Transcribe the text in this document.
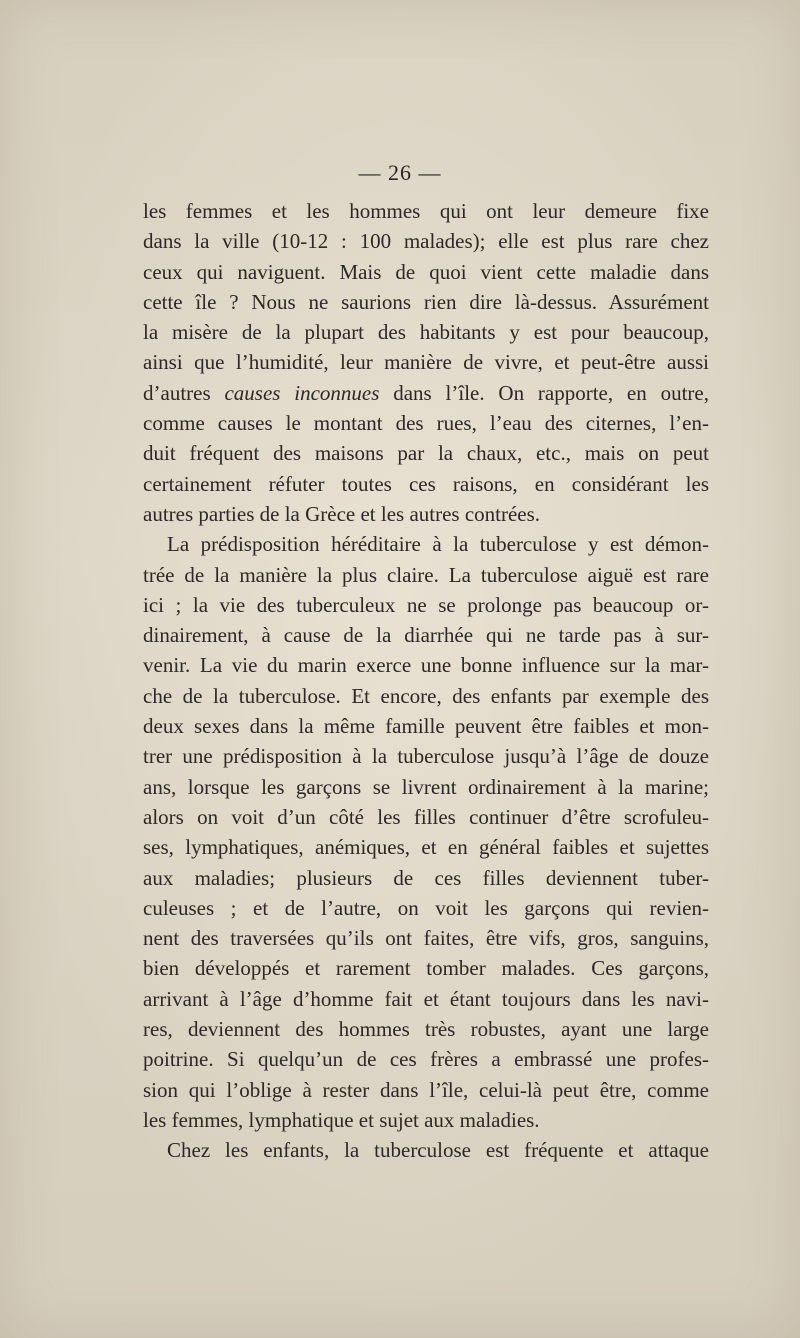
— 26 —
les femmes et les hommes qui ont leur demeure fixe
dans la ville (10-12 : 100 malades); elle est plus rare chez
ceux qui naviguent. Mais de quoi vient cette maladie dans
cette île ? Nous ne saurions rien dire là-dessus. Assurément
la misère de la plupart des habitants y est pour beaucoup,
ainsi que l’humidité, leur manière de vivre, et peut-être aussi
d’autres causes inconnues dans l’île. On rapporte, en outre,
comme causes le montant des rues, l’eau des citernes, l’en-
duit fréquent des maisons par la chaux, etc., mais on peut
certainement réfuter toutes ces raisons, en considérant les
autres parties de la Grèce et les autres contrées.
La prédisposition héréditaire à la tuberculose y est démon-
trée de la manière la plus claire. La tuberculose aiguë est rare
ici ; la vie des tuberculeux ne se prolonge pas beaucoup or-
dinairement, à cause de la diarrhée qui ne tarde pas à sur-
venir. La vie du marin exerce une bonne influence sur la mar-
che de la tuberculose. Et encore, des enfants par exemple des
deux sexes dans la même famille peuvent être faibles et mon-
trer une prédisposition à la tuberculose jusqu’à l’âge de douze
ans, lorsque les garçons se livrent ordinairement à la marine;
alors on voit d’un côté les filles continuer d’être scrofuleu-
ses, lymphatiques, anémiques, et en général faibles et sujettes
aux maladies; plusieurs de ces filles deviennent tuber-
culeuses ; et de l’autre, on voit les garçons qui revien-
nent des traversées qu’ils ont faites, être vifs, gros, sanguins,
bien développés et rarement tomber malades. Ces garçons,
arrivant à l’âge d’homme fait et étant toujours dans les navi-
res, deviennent des hommes très robustes, ayant une large
poitrine. Si quelqu’un de ces frères a embrassé une profes-
sion qui l’oblige à rester dans l’île, celui-là peut être, comme
les femmes, lymphatique et sujet aux maladies.
Chez les enfants, la tuberculose est fréquente et attaque
